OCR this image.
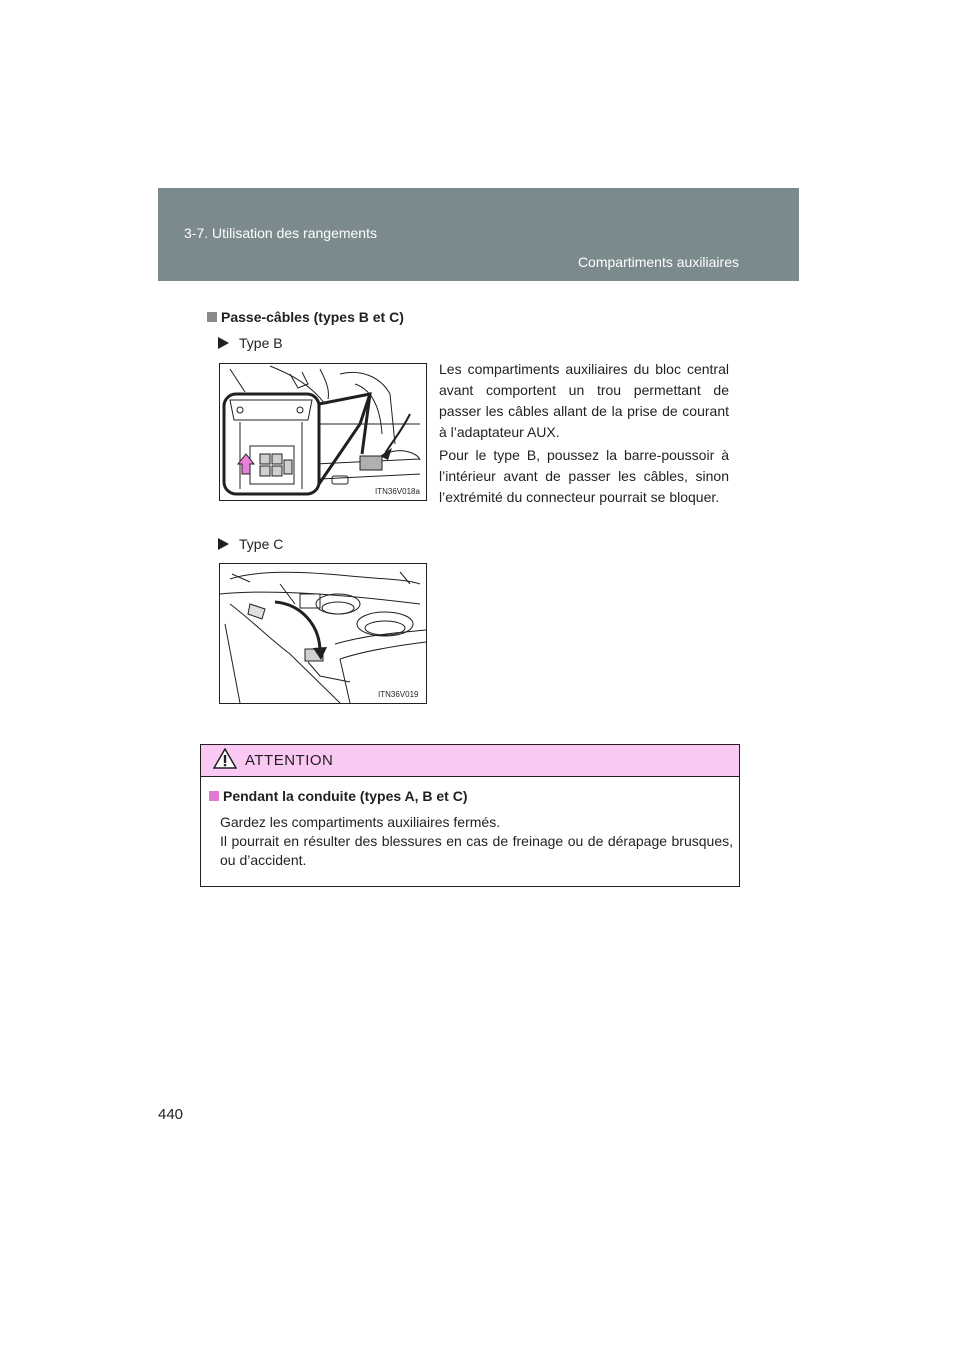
3-7. Utilisation des rangements
Compartiments auxiliaires
Passe-câbles (types B et C)
Type B
ITN36V018a

Les compartiments auxiliaires du bloc central avant comportent un trou permettant de passer les câbles allant de la prise de courant à l’adaptateur AUX.

Pour le type B, poussez la barre-poussoir à l’intérieur avant de passer les câbles, sinon l’extrémité du connecteur pourrait se bloquer.

Type C
ITN36V019
ATTENTION
Pendant la conduite (types A, B et C)

Gardez les compartiments auxiliaires fermés.
Il pourrait en résulter des blessures en cas de freinage ou de dérapage brusques, ou d’accident.

440
